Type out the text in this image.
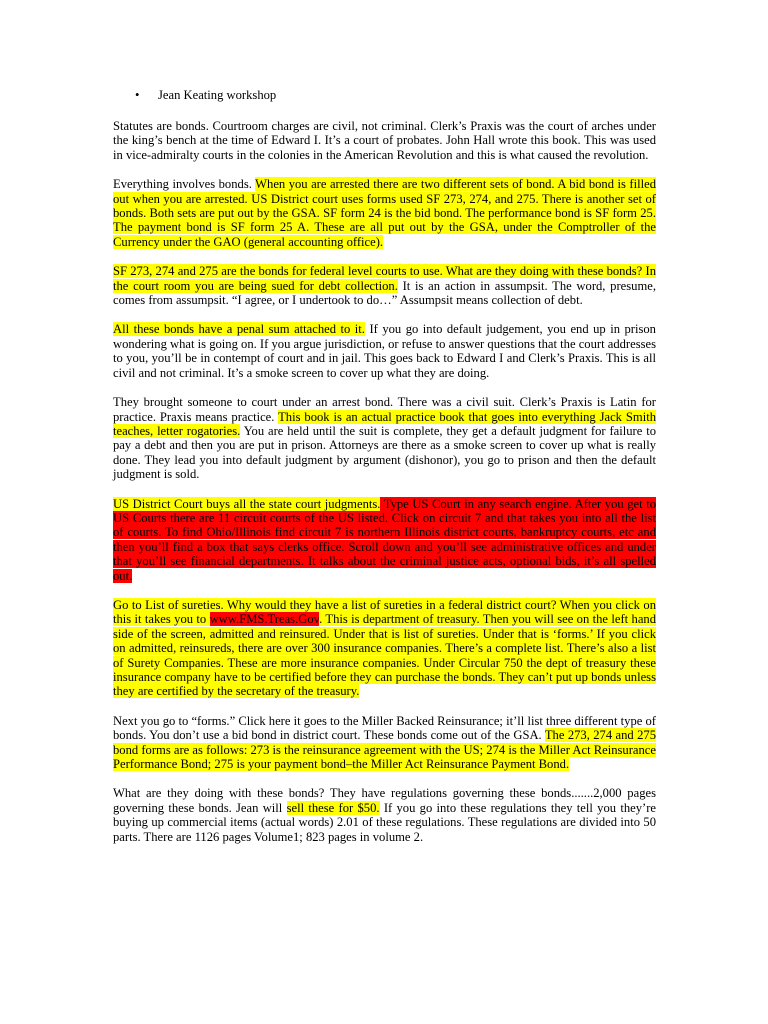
• Jean Keating workshop

Statutes are bonds. Courtroom charges are civil, not criminal. Clerk’s Praxis was the court of arches under the king’s bench at the time of Edward I. It’s a court of probates. John Hall wrote this book. This was used in vice-admiralty courts in the colonies in the American Revolution and this is what caused the revolution.

Everything involves bonds. When you are arrested there are two different sets of bond. A bid bond is filled out when you are arrested. US District court uses forms used SF 273, 274, and 275. There is another set of bonds. Both sets are put out by the GSA. SF form 24 is the bid bond. The performance bond is SF form 25. The payment bond is SF form 25 A. These are all put out by the GSA, under the Comptroller of the Currency under the GAO (general accounting office).

SF 273, 274 and 275 are the bonds for federal level courts to use. What are they doing with these bonds? In the court room you are being sued for debt collection. It is an action in assumpsit. The word, presume, comes from assumpsit. “I agree, or I undertook to do…” Assumpsit means collection of debt.

All these bonds have a penal sum attached to it. If you go into default judgement, you end up in prison wondering what is going on. If you argue jurisdiction, or refuse to answer questions that the court addresses to you, you’ll be in contempt of court and in jail. This goes back to Edward I and Clerk’s Praxis. This is all civil and not criminal. It’s a smoke screen to cover up what they are doing.

They brought someone to court under an arrest bond. There was a civil suit. Clerk’s Praxis is Latin for practice. Praxis means practice. This book is an actual practice book that goes into everything Jack Smith teaches, letter rogatories. You are held until the suit is complete, they get a default judgment for failure to pay a debt and then you are put in prison. Attorneys are there as a smoke screen to cover up what is really done. They lead you into default judgment by argument (dishonor), you go to prison and then the default judgment is sold.

US District Court buys all the state court judgments. Type US Court in any search engine. After you get to US Courts there are 11 circuit courts of the US listed. Click on circuit 7 and that takes you into all the list of courts. To find Ohio/Illinois find circuit 7 is northern Illinois district courts, bankruptcy courts, etc and then you’ll find a box that says clerks office. Scroll down and you’ll see administrative offices and under that you’ll see financial departments. It talks about the criminal justice acts, optional bids, it’s all spelled out.

Go to List of sureties. Why would they have a list of sureties in a federal district court? When you click on this it takes you to www.FMS.Treas.Gov. This is department of treasury. Then you will see on the left hand side of the screen, admitted and reinsured. Under that is list of sureties. Under that is ‘forms.’ If you click on admitted, reinsureds, there are over 300 insurance companies. There’s a complete list. There’s also a list of Surety Companies. These are more insurance companies. Under Circular 750 the dept of treasury these insurance company have to be certified before they can purchase the bonds. They can’t put up bonds unless they are certified by the secretary of the treasury.

Next you go to “forms.” Click here it goes to the Miller Backed Reinsurance; it’ll list three different type of bonds. You don’t use a bid bond in district court. These bonds come out of the GSA. The 273, 274 and 275 bond forms are as follows: 273 is the reinsurance agreement with the US; 274 is the Miller Act Reinsurance Performance Bond; 275 is your payment bond–the Miller Act Reinsurance Payment Bond.

What are they doing with these bonds? They have regulations governing these bonds.......2,000 pages governing these bonds. Jean will sell these for $50. If you go into these regulations they tell you they’re buying up commercial items (actual words) 2.01 of these regulations. These regulations are divided into 50 parts. There are 1126 pages Volume1; 823 pages in volume 2.
